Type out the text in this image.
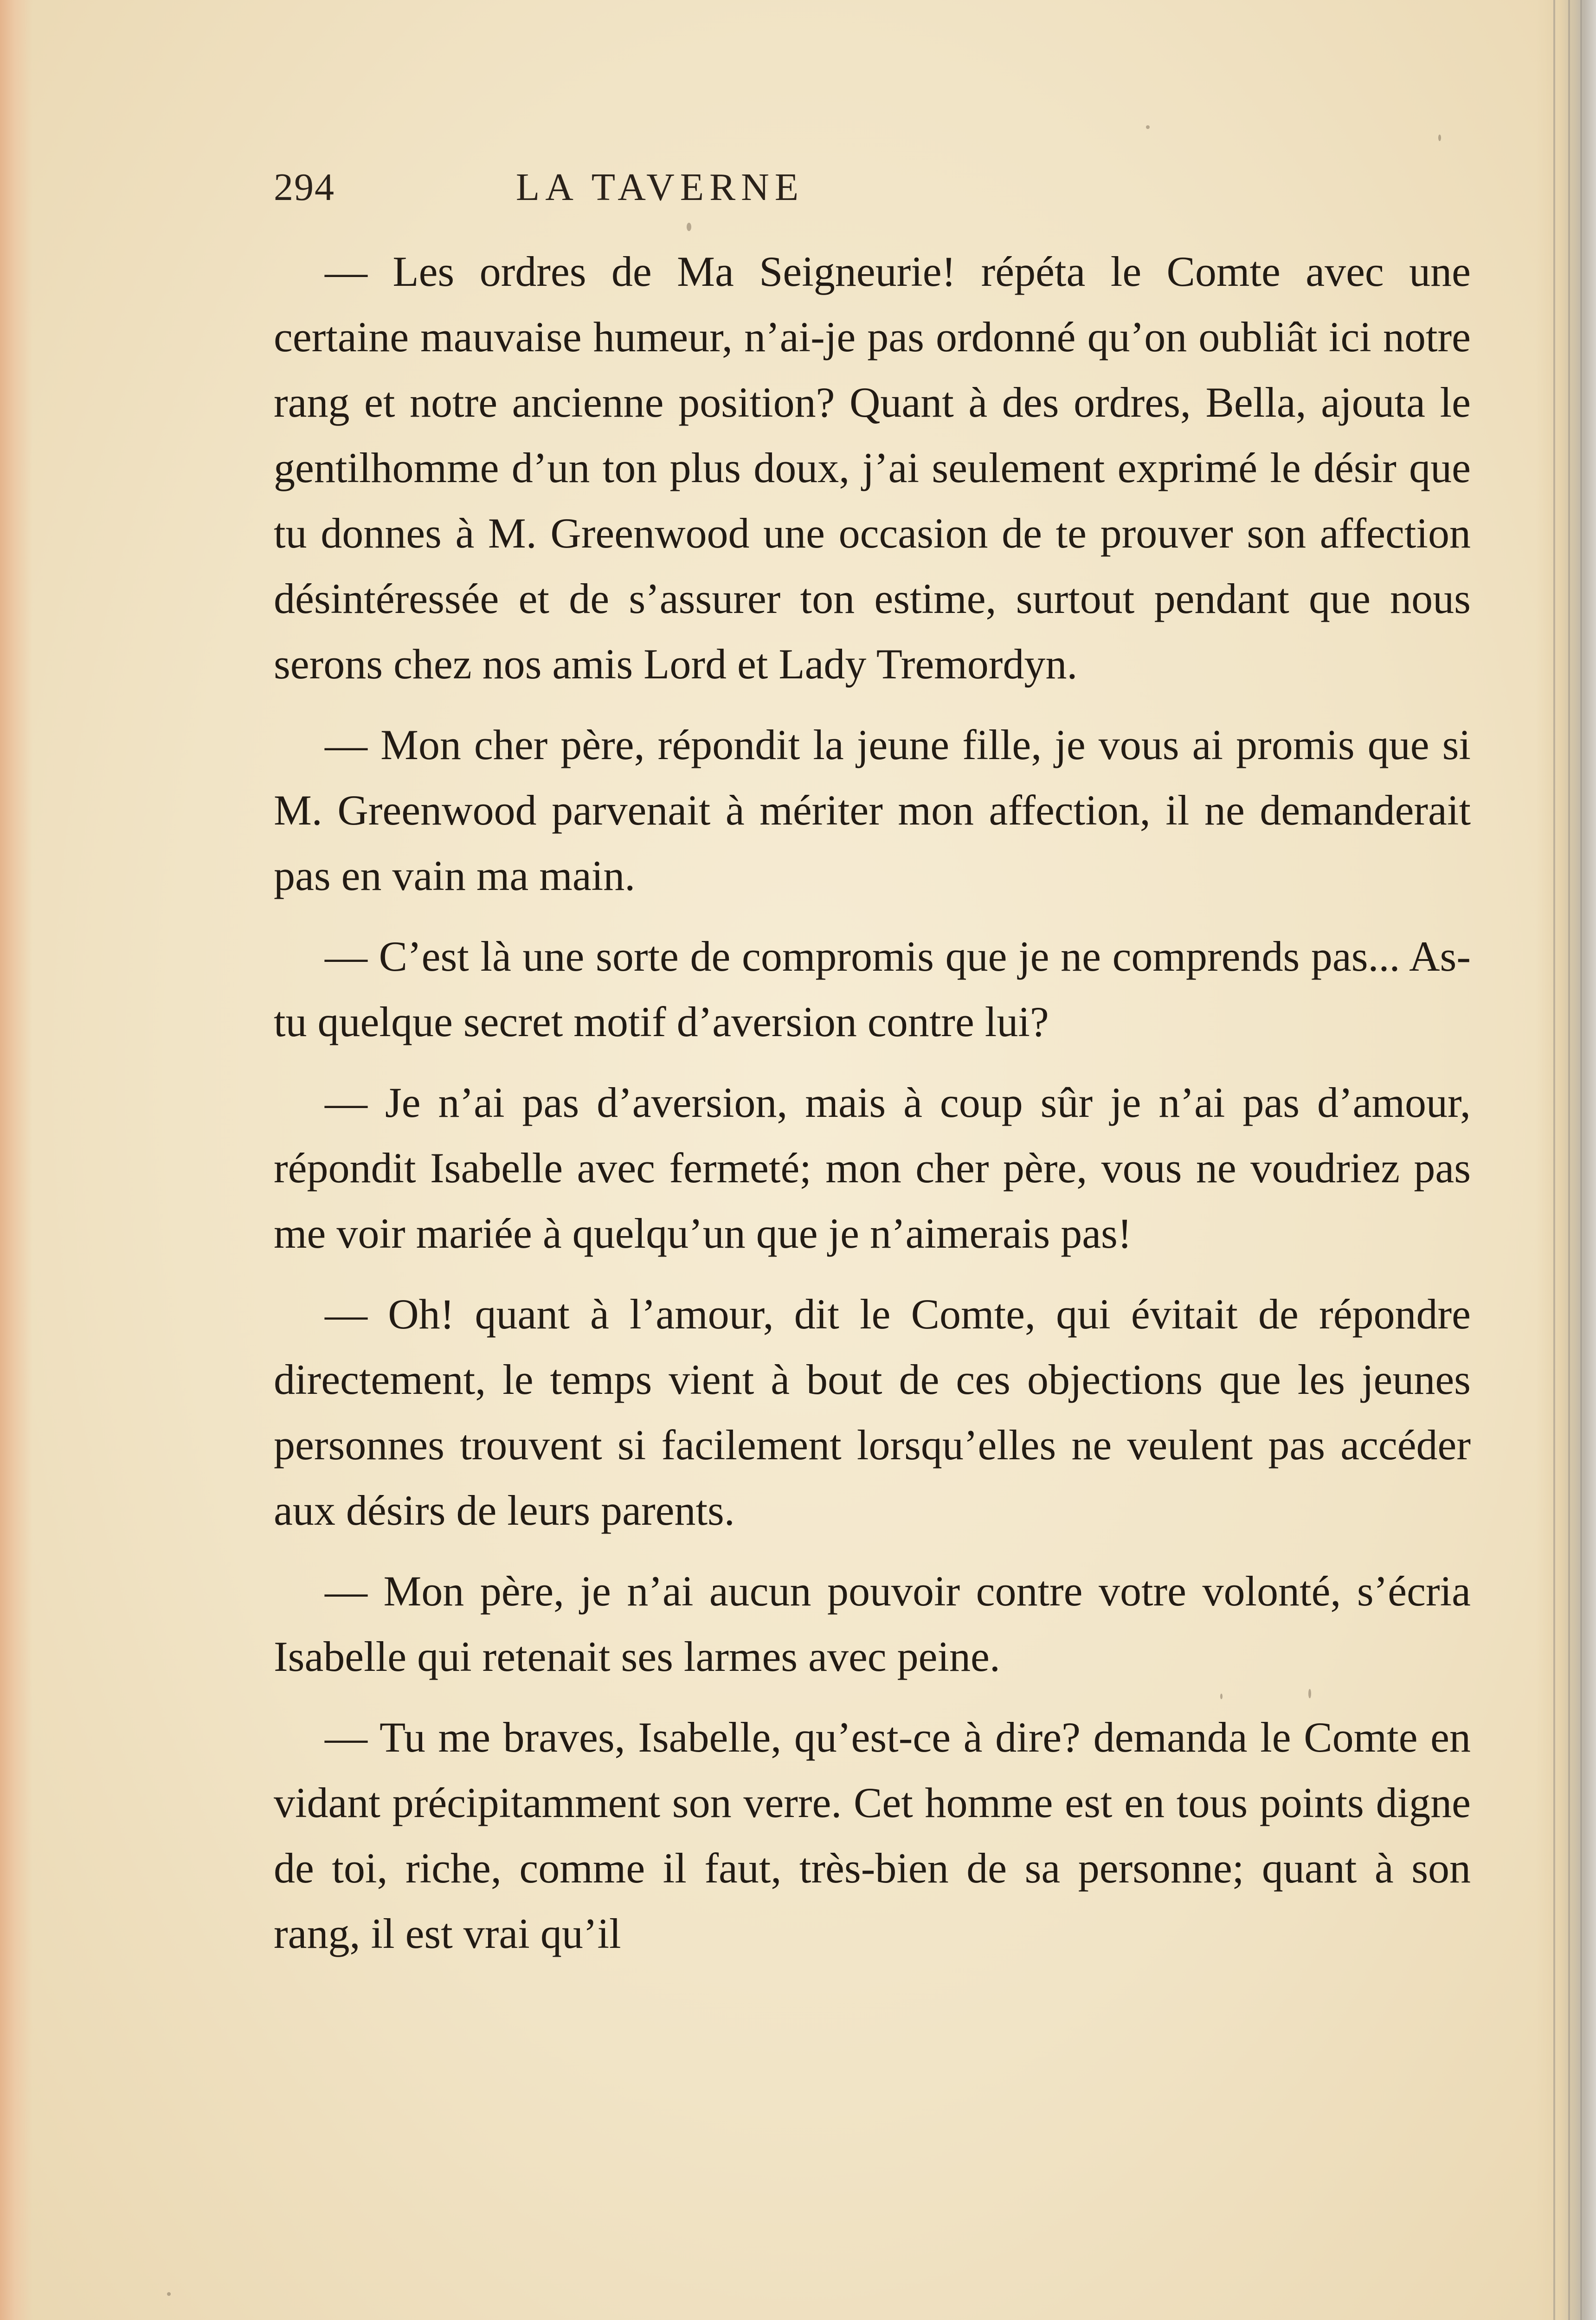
294	LA TAVERNE

— Les ordres de Ma Seigneurie! répéta le Comte avec une certaine mauvaise humeur, n’ai-je pas ordonné qu’on oubliât ici notre rang et notre ancienne position? Quant à des ordres, Bella, ajouta le gentilhomme d’un ton plus doux, j’ai seulement exprimé le désir que tu donnes à M. Greenwood une occasion de te prouver son affection désintéressée et de s’assurer ton estime, surtout pendant que nous serons chez nos amis Lord et Lady Tremordyn.

— Mon cher père, répondit la jeune fille, je vous ai promis que si M. Greenwood parvenait à mériter mon affection, il ne demanderait pas en vain ma main.

— C’est là une sorte de compromis que je ne comprends pas... As-tu quelque secret motif d’aversion contre lui?

— Je n’ai pas d’aversion, mais à coup sûr je n’ai pas d’amour, répondit Isabelle avec fermeté; mon cher père, vous ne voudriez pas me voir mariée à quelqu’un que je n’aimerais pas!

— Oh! quant à l’amour, dit le Comte, qui évitait de répondre directement, le temps vient à bout de ces objections que les jeunes personnes trouvent si facilement lorsqu’elles ne veulent pas accéder aux désirs de leurs parents.

— Mon père, je n’ai aucun pouvoir contre votre volonté, s’écria Isabelle qui retenait ses larmes avec peine.

— Tu me braves, Isabelle, qu’est-ce à dire? demanda le Comte en vidant précipitamment son verre. Cet homme est en tous points digne de toi, riche, comme il faut, très-bien de sa personne; quant à son rang, il est vrai qu’il
